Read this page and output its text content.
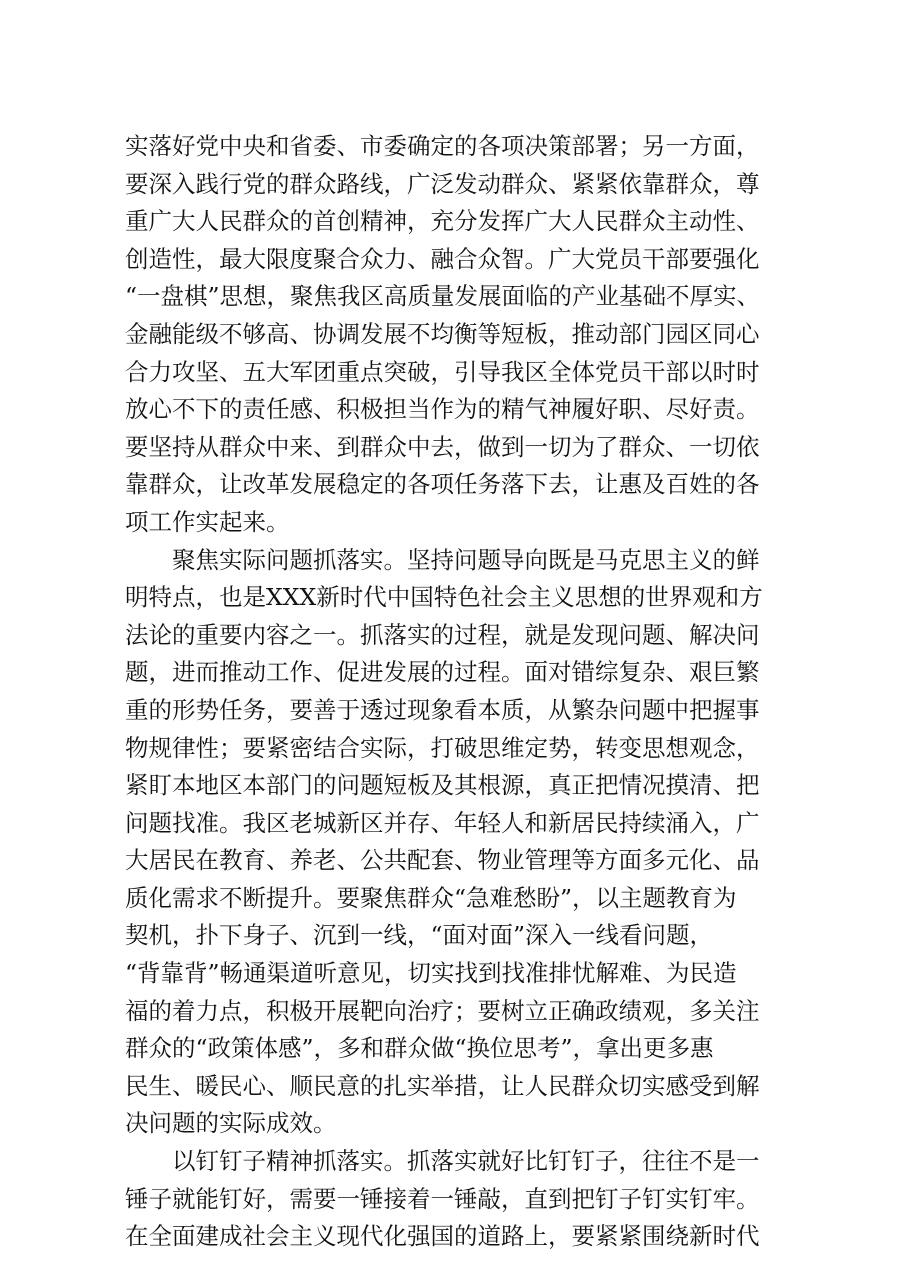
实落好党中央和省委、市委确定的各项决策部署；另一方面，
要深入践行党的群众路线，广泛发动群众、紧紧依靠群众，尊
重广大人民群众的首创精神，充分发挥广大人民群众主动性、
创造性，最大限度聚合众力、融合众智。广大党员干部要强化
“一盘棋”思想，聚焦我区高质量发展面临的产业基础不厚实、
金融能级不够高、协调发展不均衡等短板，推动部门园区同心
合力攻坚、五大军团重点突破，引导我区全体党员干部以时时
放心不下的责任感、积极担当作为的精气神履好职、尽好责。
要坚持从群众中来、到群众中去，做到一切为了群众、一切依
靠群众，让改革发展稳定的各项任务落下去，让惠及百姓的各
项工作实起来。
　　聚焦实际问题抓落实。坚持问题导向既是马克思主义的鲜
明特点，也是XXX新时代中国特色社会主义思想的世界观和方
法论的重要内容之一。抓落实的过程，就是发现问题、解决问
题，进而推动工作、促进发展的过程。面对错综复杂、艰巨繁
重的形势任务，要善于透过现象看本质，从繁杂问题中把握事
物规律性；要紧密结合实际，打破思维定势，转变思想观念，
紧盯本地区本部门的问题短板及其根源，真正把情况摸清、把
问题找准。我区老城新区并存、年轻人和新居民持续涌入，广
大居民在教育、养老、公共配套、物业管理等方面多元化、品
质化需求不断提升。要聚焦群众“急难愁盼”，以主题教育为
契机，扑下身子、沉到一线，“面对面”深入一线看问题，
“背靠背”畅通渠道听意见，切实找到找准排忧解难、为民造
福的着力点，积极开展靶向治疗；要树立正确政绩观，多关注
群众的“政策体感”，多和群众做“换位思考”，拿出更多惠
民生、暖民心、顺民意的扎实举措，让人民群众切实感受到解
决问题的实际成效。
　　以钉钉子精神抓落实。抓落实就好比钉钉子，往往不是一
锤子就能钉好，需要一锤接着一锤敲，直到把钉子钉实钉牢。
在全面建成社会主义现代化强国的道路上，要紧紧围绕新时代
